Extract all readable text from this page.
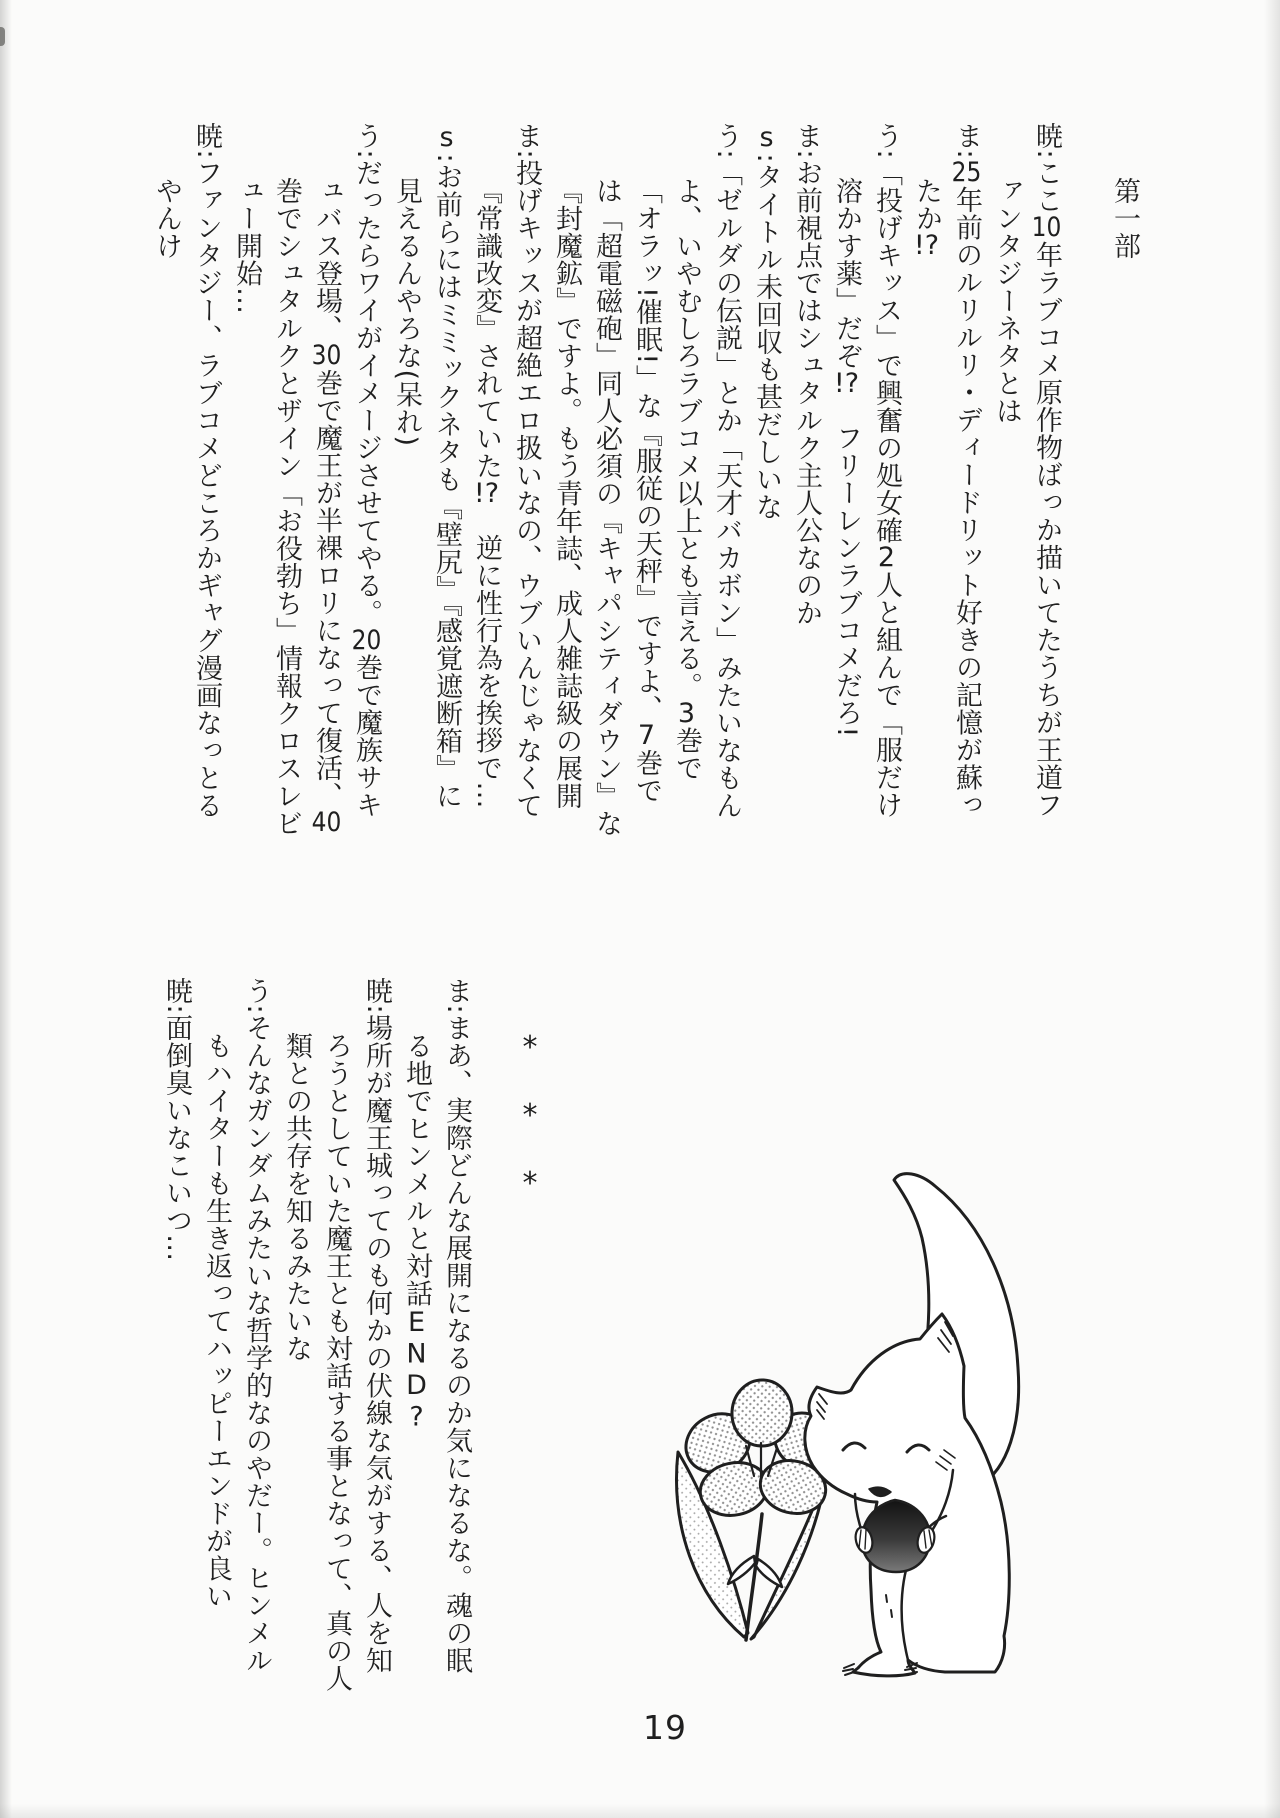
第一部
暁:ここ10年ラブコメ原作物ばっか描いてたうちが王道フ
ァンタジーネタとは
ま:25年前のルリルリ・ディードリット好きの記憶が蘇っ
たか!?
う:「投げキッス」で興奮の処女確2人と組んで「服だけ
溶かす薬」だぞ!?　フリーレンラブコメだろ!
ま:お前視点ではシュタルク主人公なのか
s:タイトル未回収も甚だしいな
う:「ゼルダの伝説」とか「天才バカボン」みたいなもん
よ、いやむしろラブコメ以上とも言える。3巻で
「オラッ!催眠!」な『服従の天秤』ですよ、7巻で
は「超電磁砲」同人必須の『キャパシティダウン』な
『封魔鉱』ですよ。もう青年誌、成人雑誌級の展開
ま:投げキッスが超絶エロ扱いなの、ウブいんじゃなくて
『常識改変』されていた!?　逆に性行為を挨拶で…
s:お前らにはミミックネタも『壁尻』『感覚遮断箱』に
見えるんやろな(呆れ)
う:だったらワイがイメージさせてやる。20巻で魔族サキ
ュバス登場、30巻で魔王が半裸ロリになって復活、40
巻でシュタルクとザイン「お役勃ち」情報クロスレビ
ュー開始…
暁:ファンタジー、ラブコメどころかギャグ漫画なっとる
やんけ
*
*
*
ま:まあ、実際どんな展開になるのか気になるな。魂の眠
る地でヒンメルと対話END?
暁:場所が魔王城ってのも何かの伏線な気がする、人を知
ろうとしていた魔王とも対話する事となって、真の人
類との共存を知るみたいな
う:そんなガンダムみたいな哲学的なのやだー。ヒンメル
もハイターも生き返ってハッピーエンドが良い
暁:面倒臭いなこいつ…
19
